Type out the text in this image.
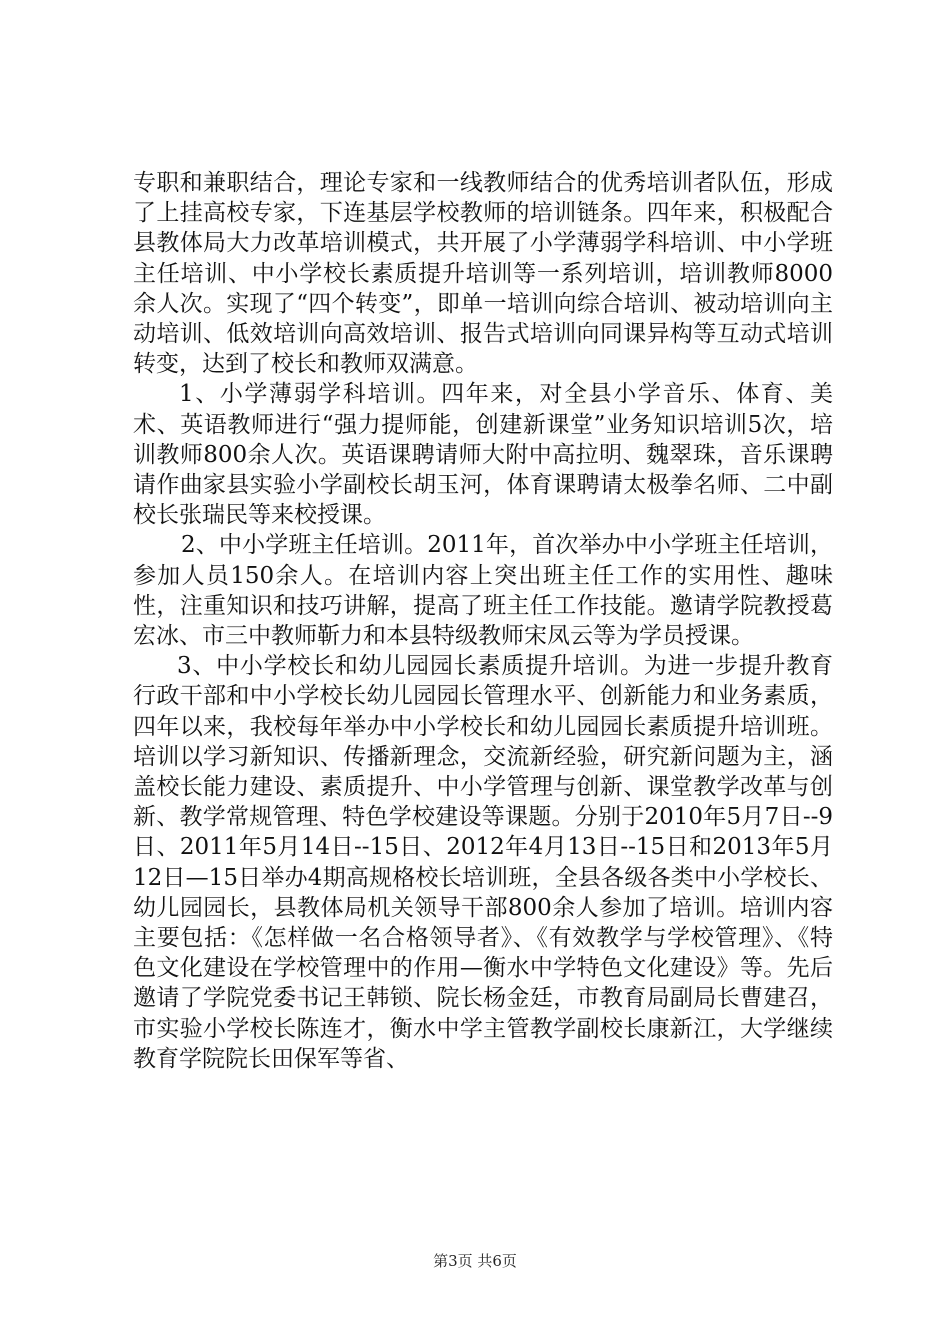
专职和兼职结合，理论专家和一线教师结合的优秀培训者队伍，形成了上挂高校专家，下连基层学校教师的培训链条。四年来，积极配合县教体局大力改革培训模式，共开展了小学薄弱学科培训、中小学班主任培训、中小学校长素质提升培训等一系列培训，培训教师8000余人次。实现了“四个转变”，即单一培训向综合培训、被动培训向主动培训、低效培训向高效培训、报告式培训向同课异构等互动式培训转变，达到了校长和教师双满意。

1、小学薄弱学科培训。四年来，对全县小学音乐、体育、美术、英语教师进行“强力提师能，创建新课堂”业务知识培训5次，培训教师800余人次。英语课聘请师大附中高拉明、魏翠珠，音乐课聘请作曲家县实验小学副校长胡玉河，体育课聘请太极拳名师、二中副校长张瑞民等来校授课。

2、中小学班主任培训。2011年，首次举办中小学班主任培训，参加人员150余人。在培训内容上突出班主任工作的实用性、趣味性，注重知识和技巧讲解，提高了班主任工作技能。邀请学院教授葛宏冰、市三中教师靳力和本县特级教师宋凤云等为学员授课。

3、中小学校长和幼儿园园长素质提升培训。为进一步提升教育行政干部和中小学校长幼儿园园长管理水平、创新能力和业务素质，四年以来，我校每年举办中小学校长和幼儿园园长素质提升培训班。培训以学习新知识、传播新理念，交流新经验，研究新问题为主，涵盖校长能力建设、素质提升、中小学管理与创新、课堂教学改革与创新、教学常规管理、特色学校建设等课题。分别于2010年5月7日--9日、2011年5月14日--15日、2012年4月13日--15日和2013年5月12日—15日举办4期高规格校长培训班，全县各级各类中小学校长、幼儿园园长，县教体局机关领导干部800余人参加了培训。培训内容主要包括：《怎样做一名合格领导者》、《有效教学与学校管理》、《特色文化建设在学校管理中的作用—衡水中学特色文化建设》等。先后邀请了学院党委书记王韩锁、院长杨金廷，市教育局副局长曹建召，市实验小学校长陈连才，衡水中学主管教学副校长康新江，大学继续教育学院院长田保军等省、

第3页 共6页
